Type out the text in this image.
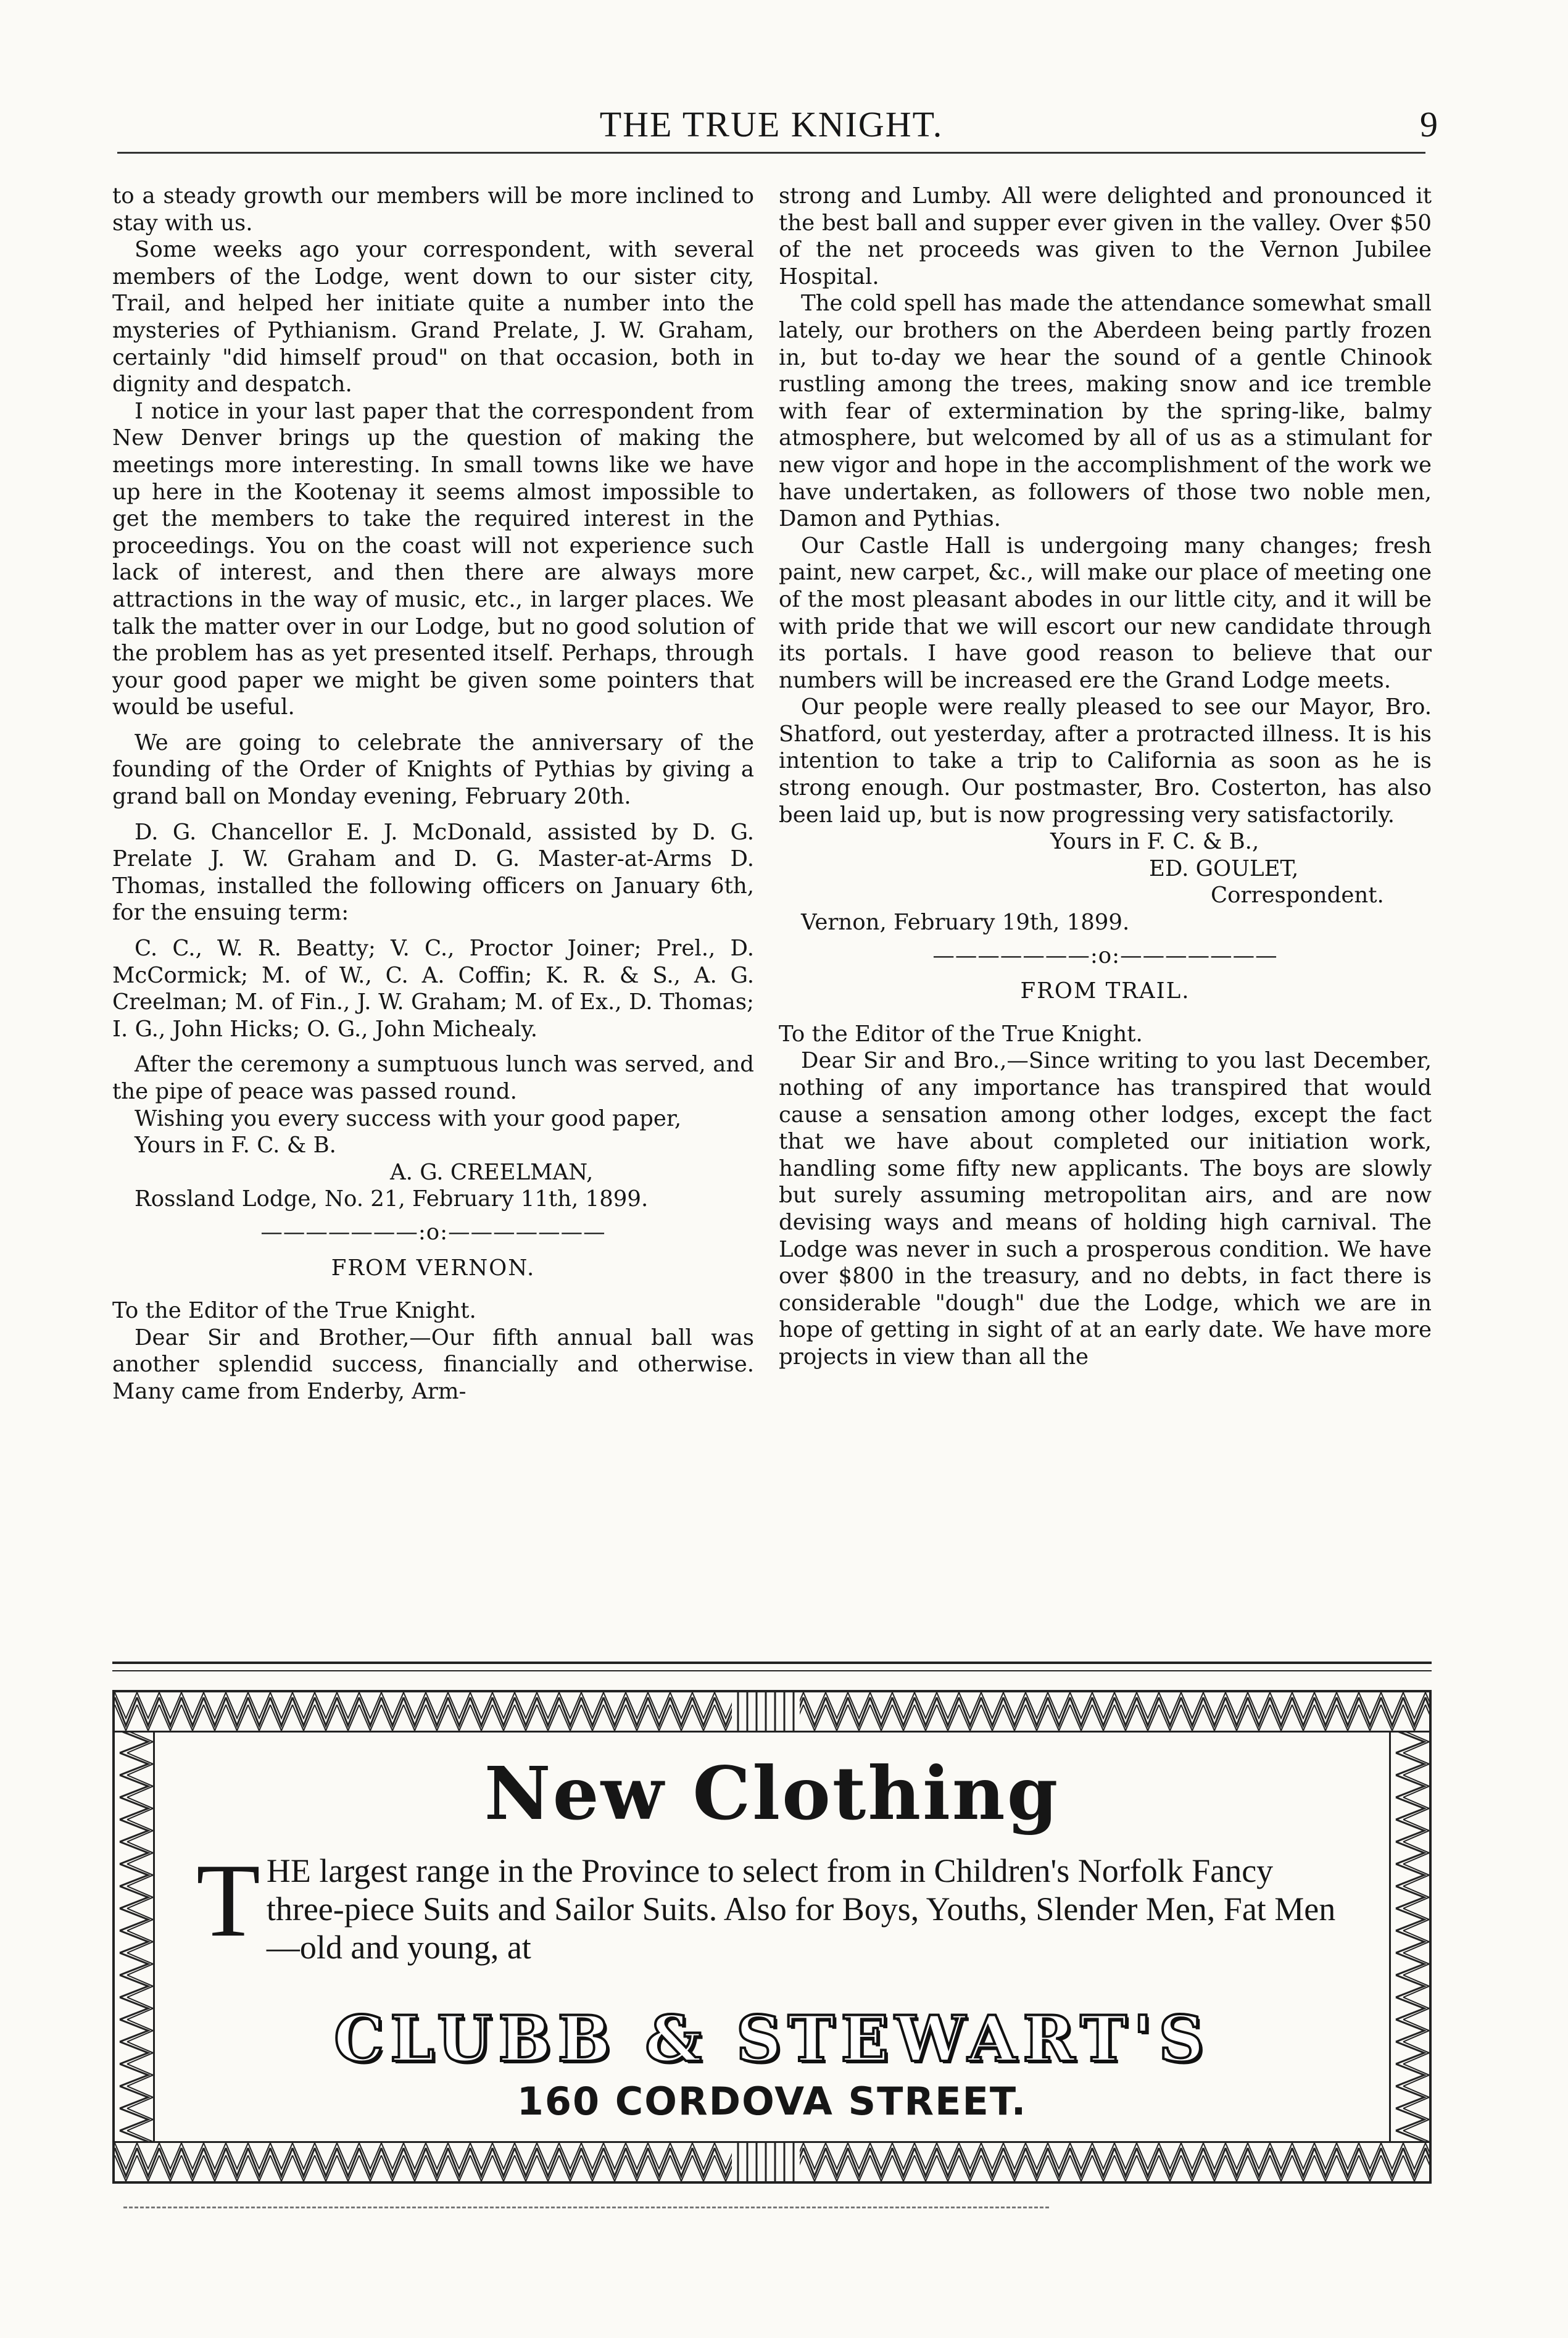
THE TRUE KNIGHT.	9

to a steady growth our members will be more inclined to stay with us.

Some weeks ago your correspondent, with several members of the Lodge, went down to our sister city, Trail, and helped her initiate quite a number into the mysteries of Pythianism. Grand Prelate, J. W. Graham, certainly "did himself proud" on that occasion, both in dignity and despatch.

I notice in your last paper that the correspondent from New Denver brings up the question of making the meetings more interesting. In small towns like we have up here in the Kootenay it seems almost impossible to get the members to take the required interest in the proceedings. You on the coast will not experience such lack of interest, and then there are always more attractions in the way of music, etc., in larger places. We talk the matter over in our Lodge, but no good solution of the problem has as yet presented itself. Perhaps, through your good paper we might be given some pointers that would be useful.

We are going to celebrate the anniversary of the founding of the Order of Knights of Pythias by giving a grand ball on Monday evening, February 20th.

D. G. Chancellor E. J. McDonald, assisted by D. G. Prelate J. W. Graham and D. G. Master-at-Arms D. Thomas, installed the following officers on January 6th, for the ensuing term:

C. C., W. R. Beatty; V. C., Proctor Joiner; Prel., D. McCormick; M. of W., C. A. Coffin; K. R. & S., A. G. Creelman; M. of Fin., J. W. Graham; M. of Ex., D. Thomas; I. G., John Hicks; O. G., John Michealy.

After the ceremony a sumptuous lunch was served, and the pipe of peace was passed round.

Wishing you every success with your good paper,

Yours in F. C. & B.

A. G. CREELMAN,

Rossland Lodge, No. 21, February 11th, 1899.

———————:o:———————

FROM VERNON.

To the Editor of the True Knight.

Dear Sir and Brother,—Our fifth annual ball was another splendid success, financially and otherwise. Many came from Enderby, Arm-

strong and Lumby. All were delighted and pronounced it the best ball and supper ever given in the valley. Over $50 of the net proceeds was given to the Vernon Jubilee Hospital.

The cold spell has made the attendance somewhat small lately, our brothers on the Aberdeen being partly frozen in, but to-day we hear the sound of a gentle Chinook rustling among the trees, making snow and ice tremble with fear of extermination by the spring-like, balmy atmosphere, but welcomed by all of us as a stimulant for new vigor and hope in the accomplishment of the work we have undertaken, as followers of those two noble men, Damon and Pythias.

Our Castle Hall is undergoing many changes; fresh paint, new carpet, &c., will make our place of meeting one of the most pleasant abodes in our little city, and it will be with pride that we will escort our new candidate through its portals. I have good reason to believe that our numbers will be increased ere the Grand Lodge meets.

Our people were really pleased to see our Mayor, Bro. Shatford, out yesterday, after a protracted illness. It is his intention to take a trip to California as soon as he is strong enough. Our postmaster, Bro. Costerton, has also been laid up, but is now progressing very satisfactorily.

Yours in F. C. & B.,

ED. GOULET,

Correspondent.

Vernon, February 19th, 1899.

———————:o:———————

FROM TRAIL.

To the Editor of the True Knight.

Dear Sir and Bro.,—Since writing to you last December, nothing of any importance has transpired that would cause a sensation among other lodges, except the fact that we have about completed our initiation work, handling some fifty new applicants. The boys are slowly but surely assuming metropolitan airs, and are now devising ways and means of holding high carnival. The Lodge was never in such a prosperous condition. We have over $800 in the treasury, and no debts, in fact there is considerable "dough" due the Lodge, which we are in hope of getting in sight of at an early date. We have more projects in view than all the

New Clothing
T HE largest range in the Province to select from in Children's Norfolk Fancy three-piece Suits and Sailor Suits. Also for Boys, Youths, Slender Men, Fat Men—old and young, at
CLUBB & STEWART'S
160 CORDOVA STREET.
